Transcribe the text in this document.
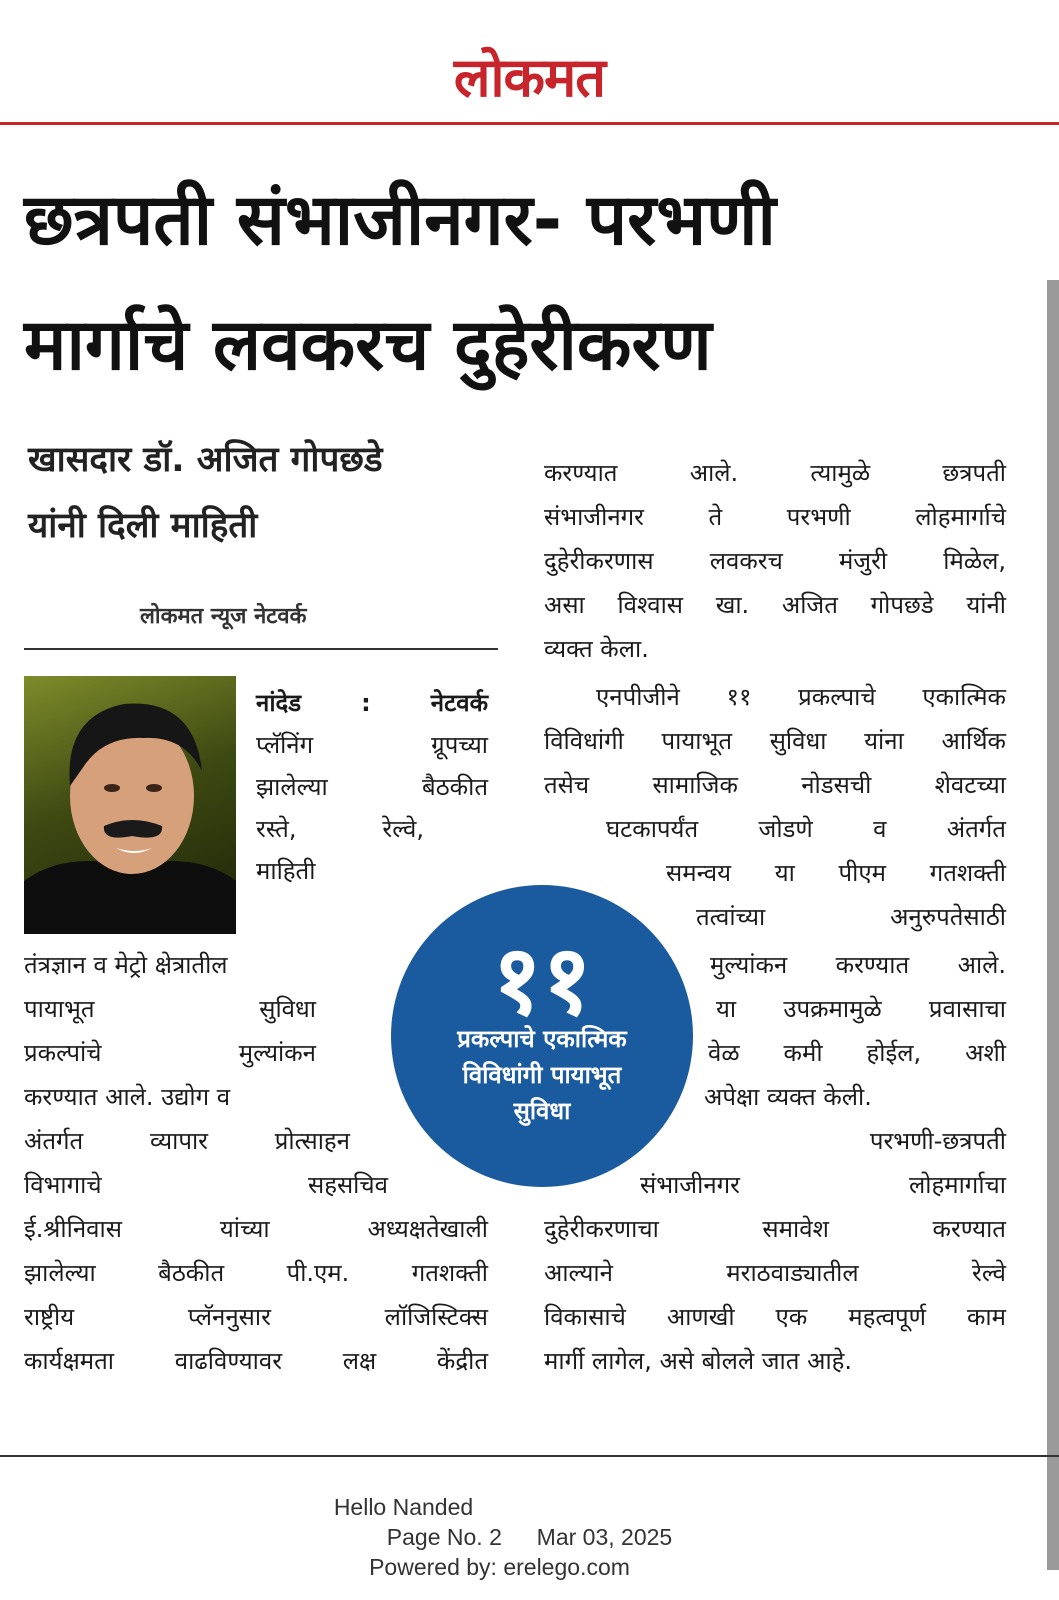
लोकमत
छत्रपती संभाजीनगर- परभणी
मार्गाचे लवकरच दुहेरीकरण
खासदार डॉ. अजित गोपछडे
यांनी दिली माहिती
लोकमत न्यूज नेटवर्क
नांदेड : नेटवर्क
प्लॅनिंग ग्रूपच्या
झालेल्या बैठकीत
रस्ते, रेल्वे,
माहिती
तंत्रज्ञान व मेट्रो क्षेत्रातील
पायाभूत सुविधा
प्रकल्पांचे मुल्यांकन
करण्यात आले. उद्योग व
अंतर्गत व्यापार प्रोत्साहन
विभागाचे सहसचिव
ई.श्रीनिवास यांच्या अध्यक्षतेखाली
झालेल्या बैठकीत पी.एम. गतशक्ती
राष्ट्रीय प्लॅननुसार लॉजिस्टिक्स
कार्यक्षमता वाढविण्यावर लक्ष केंद्रीत
करण्यात आले. त्यामुळे छत्रपती
संभाजीनगर ते परभणी लोहमार्गाचे
दुहेरीकरणास लवकरच मंजुरी मिळेल,
असा विश्वास खा. अजित गोपछडे यांनी
व्यक्त केला.
एनपीजीने ११ प्रकल्पाचे एकात्मिक
विविधांगी पायाभूत सुविधा यांना आर्थिक
तसेच सामाजिक नोडसची शेवटच्या
घटकापर्यंत जोडणे व अंतर्गत
समन्वय या पीएम गतशक्ती
तत्वांच्या अनुरुपतेसाठी
मुल्यांकन करण्यात आले.
या उपक्रमामुळे प्रवासाचा
वेळ कमी होईल, अशी
अपेक्षा व्यक्त केली.
परभणी-छत्रपती
संभाजीनगर लोहमार्गाचा
दुहेरीकरणाचा समावेश करण्यात
आल्याने मराठवाड्यातील रेल्वे
विकासाचे आणखी एक महत्वपूर्ण काम
मार्गी लागेल, असे बोलले जात आहे.
११
प्रकल्पाचे एकात्मिक
विविधांगी पायाभूत
सुविधा
Hello Nanded
Page No. 2 Mar 03, 2025
Powered by: erelego.com
